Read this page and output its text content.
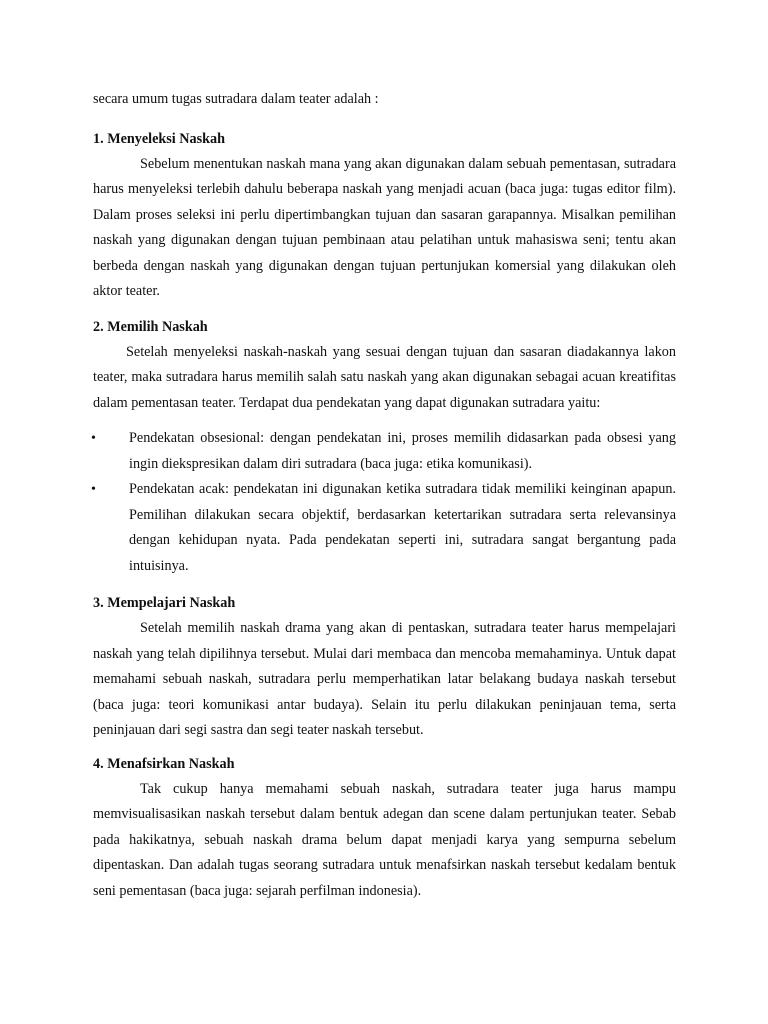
secara umum tugas sutradara dalam teater adalah :

1. Menyeleksi Naskah

Sebelum menentukan naskah mana yang akan digunakan dalam sebuah pementasan, sutradara harus menyeleksi terlebih dahulu beberapa naskah yang menjadi acuan (baca juga: tugas editor film). Dalam proses seleksi ini perlu dipertimbangkan tujuan dan sasaran garapannya. Misalkan pemilihan naskah yang digunakan dengan tujuan pembinaan atau pelatihan untuk mahasiswa seni; tentu akan berbeda dengan naskah yang digunakan dengan tujuan pertunjukan komersial yang dilakukan oleh aktor teater.

2. Memilih Naskah

Setelah menyeleksi naskah-naskah yang sesuai dengan tujuan dan sasaran diadakannya lakon teater, maka sutradara harus memilih salah satu naskah yang akan digunakan sebagai acuan kreatifitas dalam pementasan teater. Terdapat dua pendekatan yang dapat digunakan sutradara yaitu:

• Pendekatan obsesional: dengan pendekatan ini, proses memilih didasarkan pada obsesi yang ingin diekspresikan dalam diri sutradara (baca juga: etika komunikasi).
• Pendekatan acak: pendekatan ini digunakan ketika sutradara tidak memiliki keinginan apapun. Pemilihan dilakukan secara objektif, berdasarkan ketertarikan sutradara serta relevansinya dengan kehidupan nyata. Pada pendekatan seperti ini, sutradara sangat bergantung pada intuisinya.

3. Mempelajari Naskah

Setelah memilih naskah drama yang akan di pentaskan, sutradara teater harus mempelajari naskah yang telah dipilihnya tersebut. Mulai dari membaca dan mencoba memahaminya. Untuk dapat memahami sebuah naskah, sutradara perlu memperhatikan latar belakang budaya naskah tersebut (baca juga: teori komunikasi antar budaya). Selain itu perlu dilakukan peninjauan tema, serta peninjauan dari segi sastra dan segi teater naskah tersebut.

4. Menafsirkan Naskah

Tak cukup hanya memahami sebuah naskah, sutradara teater juga harus mampu memvisualisasikan naskah tersebut dalam bentuk adegan dan scene dalam pertunjukan teater. Sebab pada hakikatnya, sebuah naskah drama belum dapat menjadi karya yang sempurna sebelum dipentaskan. Dan adalah tugas seorang sutradara untuk menafsirkan naskah tersebut kedalam bentuk seni pementasan (baca juga: sejarah perfilman indonesia).
